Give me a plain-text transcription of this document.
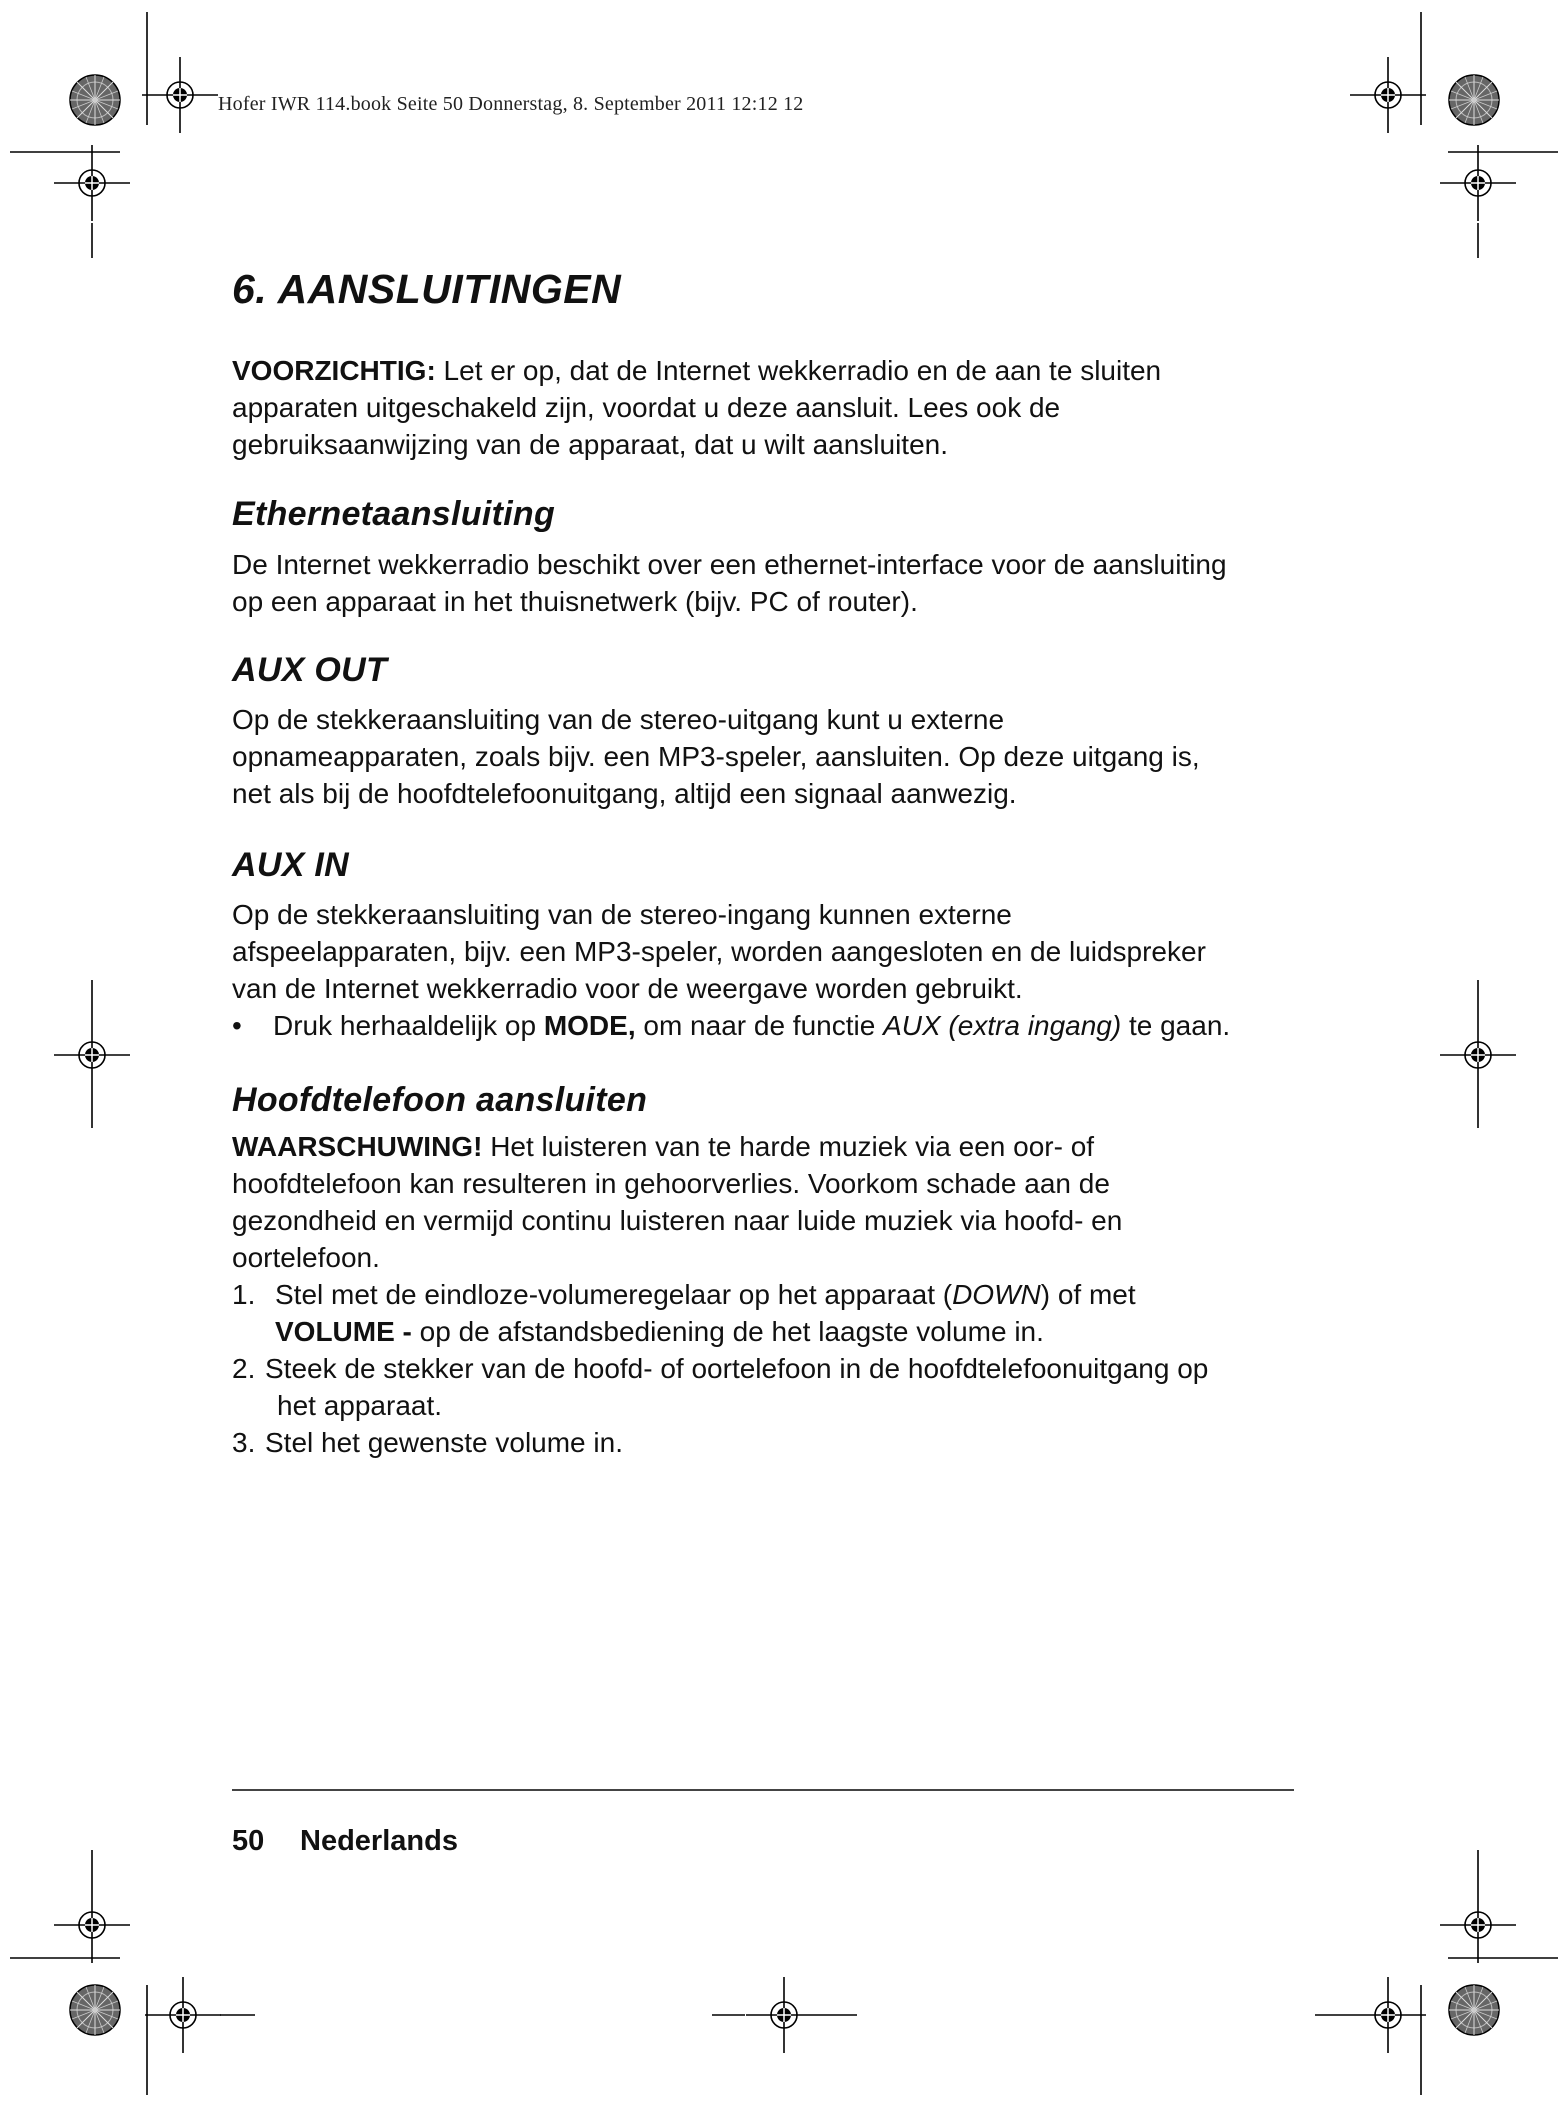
Hofer IWR 114.book Seite 50 Donnerstag, 8. September 2011 12:12 12
6. AANSLUITINGEN

VOORZICHTIG: Let er op, dat de Internet wekkerradio en de aan te sluiten
apparaten uitgeschakeld zijn, voordat u deze aansluit. Lees ook de
gebruiksaanwijzing van de apparaat, dat u wilt aansluiten.

Ethernetaansluiting

De Internet wekkerradio beschikt over een ethernet-interface voor de aansluiting
op een apparaat in het thuisnetwerk (bijv. PC of router).

AUX OUT

Op de stekkeraansluiting van de stereo-uitgang kunt u externe
opnameapparaten, zoals bijv. een MP3-speler, aansluiten. Op deze uitgang is,
net als bij de hoofdtelefoonuitgang, altijd een signaal aanwezig.

AUX IN

Op de stekkeraansluiting van de stereo-ingang kunnen externe
afspeelapparaten, bijv. een MP3-speler, worden aangesloten en de luidspreker
van de Internet wekkerradio voor de weergave worden gebruikt.

• Druk herhaaldelijk op MODE, om naar de functie AUX (extra ingang) te gaan.
Hoofdtelefoon aansluiten

WAARSCHUWING! Het luisteren van te harde muziek via een oor- of
hoofdtelefoon kan resulteren in gehoorverlies. Voorkom schade aan de
gezondheid en vermijd continu luisteren naar luide muziek via hoofd- en
oortelefoon.

1. Stel met de eindloze-volumeregelaar op het apparaat (DOWN) of met
VOLUME - op de afstandsbediening de het laagste volume in.
2. Steek de stekker van de hoofd- of oortelefoon in de hoofdtelefoonuitgang op
het apparaat.
3. Stel het gewenste volume in.
50 Nederlands
